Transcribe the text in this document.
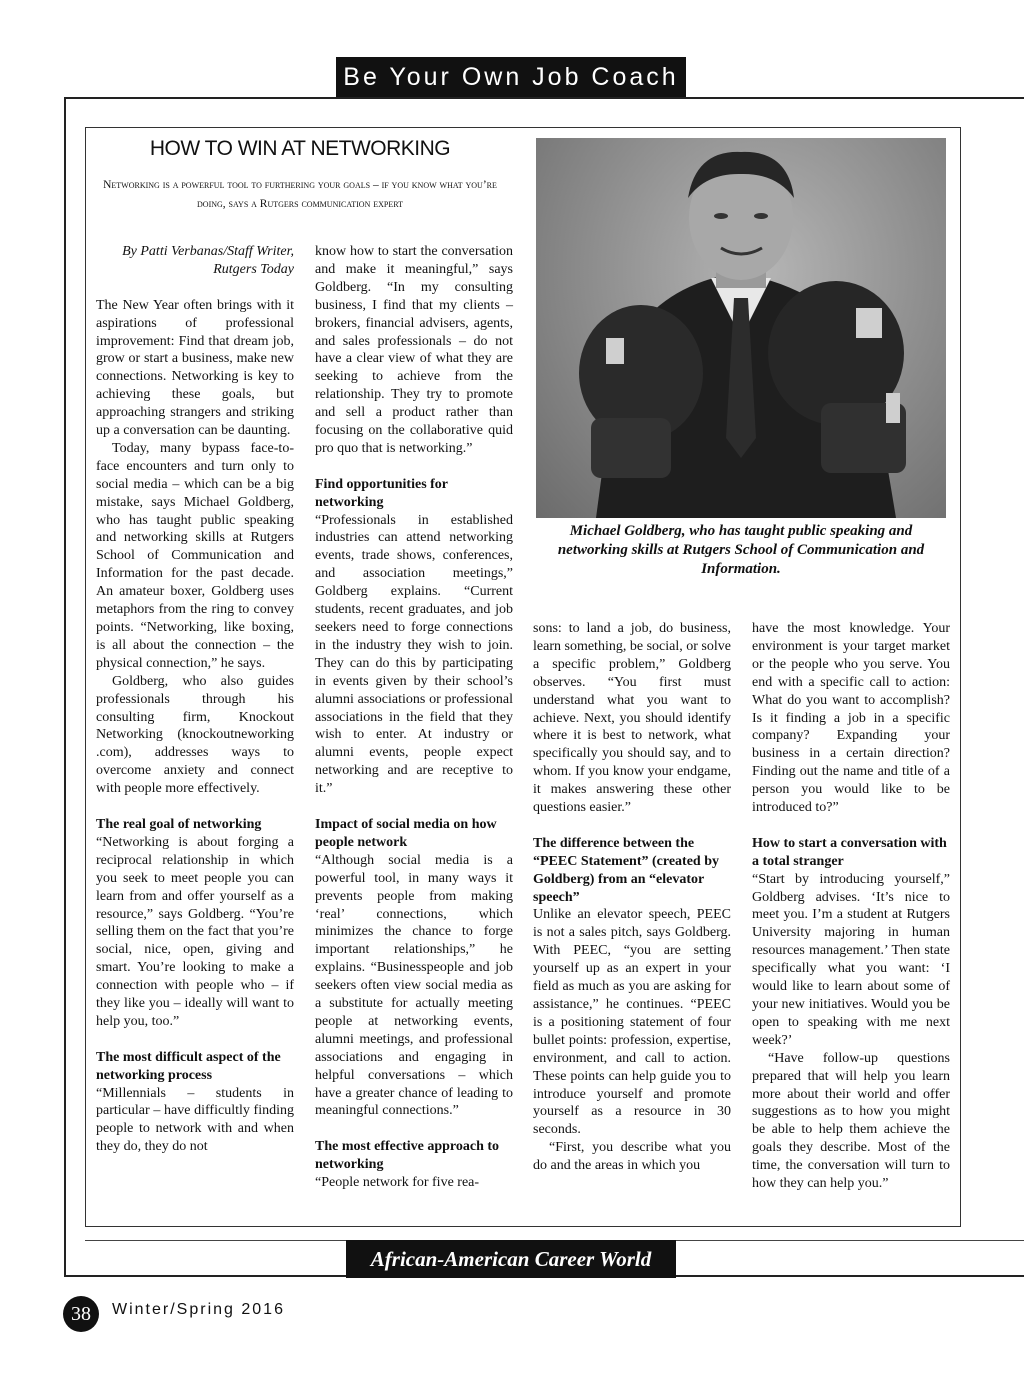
Be Your Own Job Coach
HOW TO WIN AT NETWORKING
Networking is a powerful tool to furthering your goals – if you know what you’re doing, says a Rutgers communication expert
Michael Goldberg, who has taught public speaking and networking skills at Rutgers School of Communication and Information.

By Patti Verbanas/Staff Writer,

Rutgers Today

The New Year often brings with it aspirations of professional improvement: Find that dream job, grow or start a business, make new connections. Networking is key to achieving these goals, but approaching strangers and striking up a conversation can be daunting.

Today, many bypass face-to-face encounters and turn only to social media – which can be a big mistake, says Michael Goldberg, who has taught public speaking and networking skills at Rutgers School of Communication and Information for the past decade. An amateur boxer, Goldberg uses metaphors from the ring to convey points. “Networking, like boxing, is all about the connection – the physical connection,” he says.

Goldberg, who also guides professionals through his consulting firm, Knockout Networking (knockoutneworking .com), addresses ways to overcome anxiety and connect with people more effectively.

The real goal of networking

“Networking is about forging a reciprocal relationship in which you seek to meet people you can learn from and offer yourself as a resource,” says Goldberg. “You’re selling them on the fact that you’re social, nice, open, giving and smart. You’re looking to make a connection with people who – if they like you – ideally will want to help you, too.”

The most difficult aspect of the networking process

“Millennials – students in particular – have difficultly finding people to network with and when they do, they do not

know how to start the conversation and make it meaningful,” says Goldberg. “In my consulting business, I find that my clients – brokers, financial advisers, agents, and sales professionals – do not have a clear view of what they are seeking to achieve from the relationship. They try to promote and sell a product rather than focusing on the collaborative quid pro quo that is networking.”

Find opportunities for networking

“Professionals in established industries can attend networking events, trade shows, conferences, and association meetings,” Goldberg explains. “Current students, recent graduates, and job seekers need to forge connections in the industry they wish to join. They can do this by participating in events given by their school’s alumni associations or professional associations in the field that they wish to enter. At industry or alumni events, people expect networking and are receptive to it.”

Impact of social media on how people network

“Although social media is a powerful tool, in many ways it prevents people from making ‘real’ connections, which minimizes the chance to forge important relationships,” he explains. “Businesspeople and job seekers often view social media as a substitute for actually meeting people at networking events, alumni meetings, and professional associations and engaging in helpful conversations – which have a greater chance of leading to meaningful connections.”

The most effective approach to networking

“People network for five rea-

sons: to land a job, do business, learn something, be social, or solve a specific problem,” Goldberg observes. “You first must understand what you want to achieve. Next, you should identify where it is best to network, what specifically you should say, and to whom. If you know your endgame, it makes answering these other questions easier.”

The difference between the “PEEC Statement” (created by Goldberg) from an “elevator speech”

Unlike an elevator speech, PEEC is not a sales pitch, says Goldberg. With PEEC, “you are setting yourself up as an expert in your field as much as you are asking for assistance,” he continues. “PEEC is a positioning statement of four bullet points: profession, expertise, environment, and call to action. These points can help guide you to introduce yourself and promote yourself as a resource in 30 seconds.

“First, you describe what you do and the areas in which you

have the most knowledge. Your environment is your target market or the people who you serve. You end with a specific call to action: What do you want to accomplish? Is it finding a job in a specific company? Expanding your business in a certain direction? Finding out the name and title of a person you would like to be introduced to?”

How to start a conversation with a total stranger

“Start by introducing yourself,” Goldberg advises. ‘It’s nice to meet you. I’m a student at Rutgers University majoring in human resources management.’ Then state specifically what you want: ‘I would like to learn about some of your new initiatives. Would you be open to speaking with me next week?’

“Have follow-up questions prepared that will help you learn more about their world and offer suggestions as to how you might be able to help them achieve the goals they describe. Most of the time, the conversation will turn to how they can help you.”

African-American Career World
38	Winter/Spring 2016
